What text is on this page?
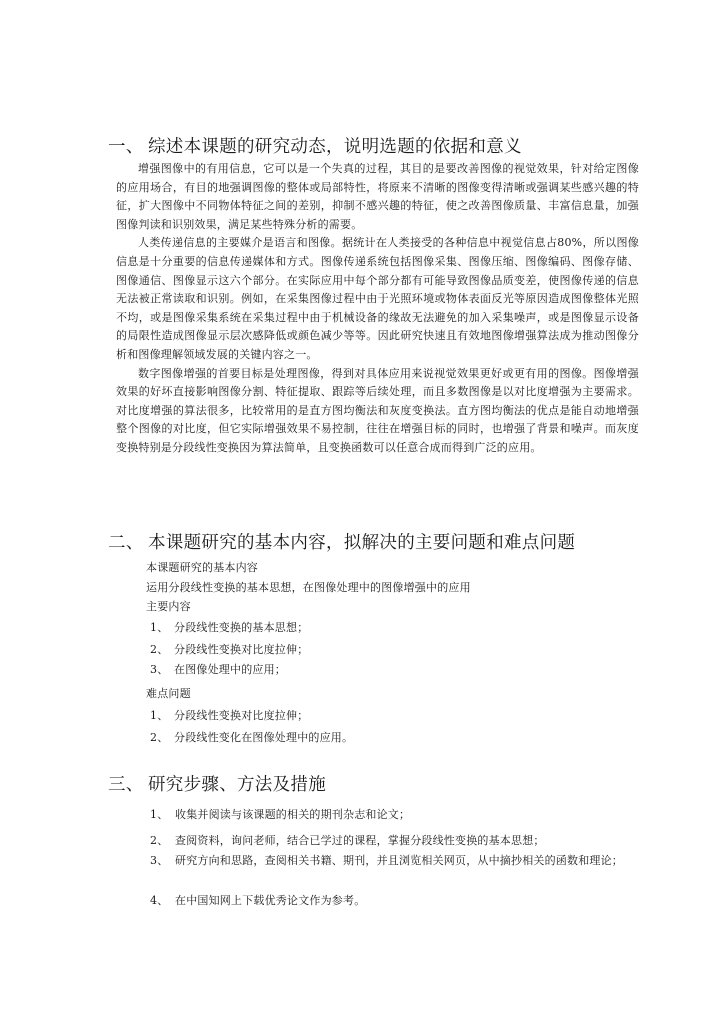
一、 综述本课题的研究动态，说明选题的依据和意义

增强图像中的有用信息，它可以是一个失真的过程，其目的是要改善图像的视觉效果，针对给定图像的应用场合，有目的地强调图像的整体或局部特性，将原来不清晰的图像变得清晰或强调某些感兴趣的特征，扩大图像中不同物体特征之间的差别，抑制不感兴趣的特征，使之改善图像质量、丰富信息量，加强图像判读和识别效果，满足某些特殊分析的需要。

人类传递信息的主要媒介是语言和图像。据统计在人类接受的各种信息中视觉信息占80%，所以图像信息是十分重要的信息传递媒体和方式。图像传递系统包括图像采集、图像压缩、图像编码、图像存储、图像通信、图像显示这六个部分。在实际应用中每个部分都有可能导致图像品质变差，使图像传递的信息无法被正常读取和识别。例如，在采集图像过程中由于光照环境或物体表面反光等原因造成图像整体光照不均，或是图像采集系统在采集过程中由于机械设备的缘故无法避免的加入采集噪声，或是图像显示设备的局限性造成图像显示层次感降低或颜色减少等等。因此研究快速且有效地图像增强算法成为推动图像分析和图像理解领域发展的关键内容之一。

数字图像增强的首要目标是处理图像，得到对具体应用来说视觉效果更好或更有用的图像。图像增强效果的好坏直接影响图像分割、特征提取、跟踪等后续处理，而且多数图像是以对比度增强为主要需求。对比度增强的算法很多，比较常用的是直方图均衡法和灰度变换法。直方图均衡法的优点是能自动地增强整个图像的对比度，但它实际增强效果不易控制，往往在增强目标的同时，也增强了背景和噪声。而灰度变换特别是分段线性变换因为算法简单，且变换函数可以任意合成而得到广泛的应用。

二、 本课题研究的基本内容，拟解决的主要问题和难点问题
本课题研究的基本内容
运用分段线性变换的基本思想，在图像处理中的图像增强中的应用
主要内容
1、 分段线性变换的基本思想；
2、 分段线性变换对比度拉伸；
3、 在图像处理中的应用；
难点问题
1、 分段线性变换对比度拉伸；
2、 分段线性变化在图像处理中的应用。
三、 研究步骤、方法及措施
1、 收集并阅读与该课题的相关的期刊杂志和论文；
2、 查阅资料，询问老师，结合已学过的课程，掌握分段线性变换的基本思想；
3、 研究方向和思路，查阅相关书籍、期刊，并且浏览相关网页，从中摘抄相关的函数和理论；
4、 在中国知网上下载优秀论文作为参考。
